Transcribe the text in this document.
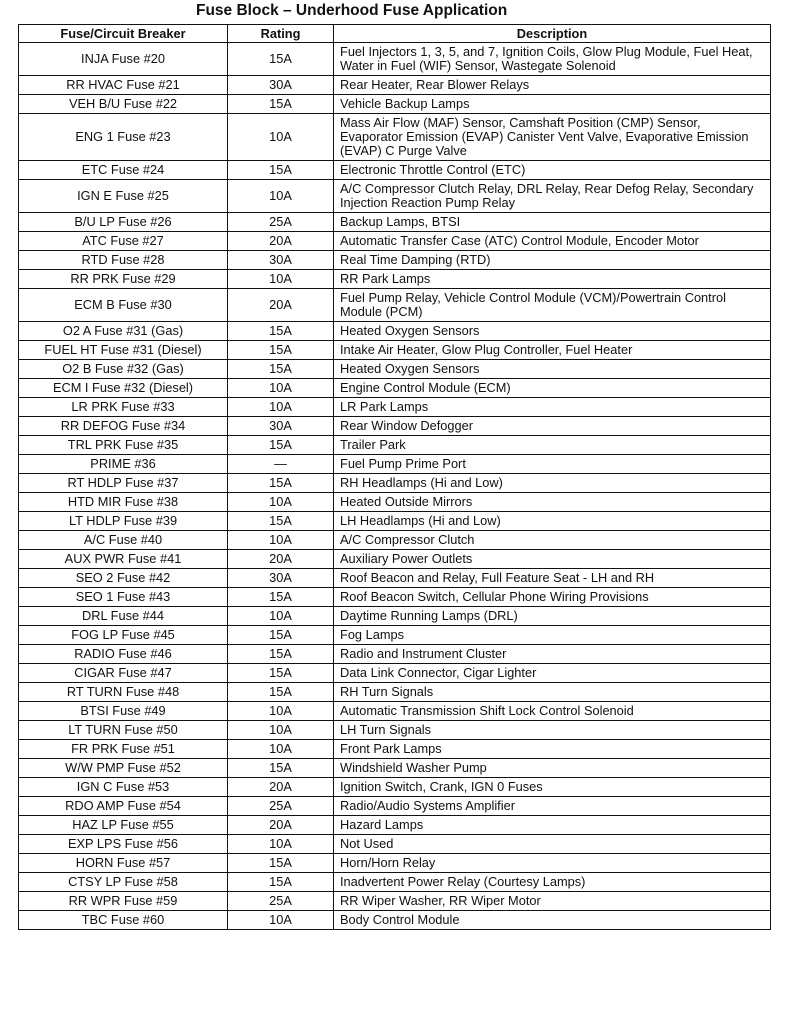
Fuse Block – Underhood Fuse Application
Fuse/Circuit Breaker	Rating	Description
INJA Fuse #20	15A	Fuel Injectors 1, 3, 5, and 7, Ignition Coils, Glow Plug Module, Fuel Heat, Water in Fuel (WIF) Sensor, Wastegate Solenoid
RR HVAC Fuse #21	30A	Rear Heater, Rear Blower Relays
VEH B/U Fuse #22	15A	Vehicle Backup Lamps
ENG 1 Fuse #23	10A	Mass Air Flow (MAF) Sensor, Camshaft Position (CMP) Sensor, Evaporator Emission (EVAP) Canister Vent Valve, Evaporative Emission (EVAP) C Purge Valve
ETC Fuse #24	15A	Electronic Throttle Control (ETC)
IGN E Fuse #25	10A	A/C Compressor Clutch Relay, DRL Relay, Rear Defog Relay, Secondary Injection Reaction Pump Relay
B/U LP Fuse #26	25A	Backup Lamps, BTSI
ATC Fuse #27	20A	Automatic Transfer Case (ATC) Control Module, Encoder Motor
RTD Fuse #28	30A	Real Time Damping (RTD)
RR PRK Fuse #29	10A	RR Park Lamps
ECM B Fuse #30	20A	Fuel Pump Relay, Vehicle Control Module (VCM)/Powertrain Control Module (PCM)
O2 A Fuse #31 (Gas)	15A	Heated Oxygen Sensors
FUEL HT Fuse #31 (Diesel)	15A	Intake Air Heater, Glow Plug Controller, Fuel Heater
O2 B Fuse #32 (Gas)	15A	Heated Oxygen Sensors
ECM I Fuse #32 (Diesel)	10A	Engine Control Module (ECM)
LR PRK Fuse #33	10A	LR Park Lamps
RR DEFOG Fuse #34	30A	Rear Window Defogger
TRL PRK Fuse #35	15A	Trailer Park
PRIME #36	—	Fuel Pump Prime Port
RT HDLP Fuse #37	15A	RH Headlamps (Hi and Low)
HTD MIR Fuse #38	10A	Heated Outside Mirrors
LT HDLP Fuse #39	15A	LH Headlamps (Hi and Low)
A/C Fuse #40	10A	A/C Compressor Clutch
AUX PWR Fuse #41	20A	Auxiliary Power Outlets
SEO 2 Fuse #42	30A	Roof Beacon and Relay, Full Feature Seat - LH and RH
SEO 1 Fuse #43	15A	Roof Beacon Switch, Cellular Phone Wiring Provisions
DRL Fuse #44	10A	Daytime Running Lamps (DRL)
FOG LP Fuse #45	15A	Fog Lamps
RADIO Fuse #46	15A	Radio and Instrument Cluster
CIGAR Fuse #47	15A	Data Link Connector, Cigar Lighter
RT TURN Fuse #48	15A	RH Turn Signals
BTSI Fuse #49	10A	Automatic Transmission Shift Lock Control Solenoid
LT TURN Fuse #50	10A	LH Turn Signals
FR PRK Fuse #51	10A	Front Park Lamps
W/W PMP Fuse #52	15A	Windshield Washer Pump
IGN C Fuse #53	20A	Ignition Switch, Crank, IGN 0 Fuses
RDO AMP Fuse #54	25A	Radio/Audio Systems Amplifier
HAZ LP Fuse #55	20A	Hazard Lamps
EXP LPS Fuse #56	10A	Not Used
HORN Fuse #57	15A	Horn/Horn Relay
CTSY LP Fuse #58	15A	Inadvertent Power Relay (Courtesy Lamps)
RR WPR Fuse #59	25A	RR Wiper Washer, RR Wiper Motor
TBC Fuse #60	10A	Body Control Module
